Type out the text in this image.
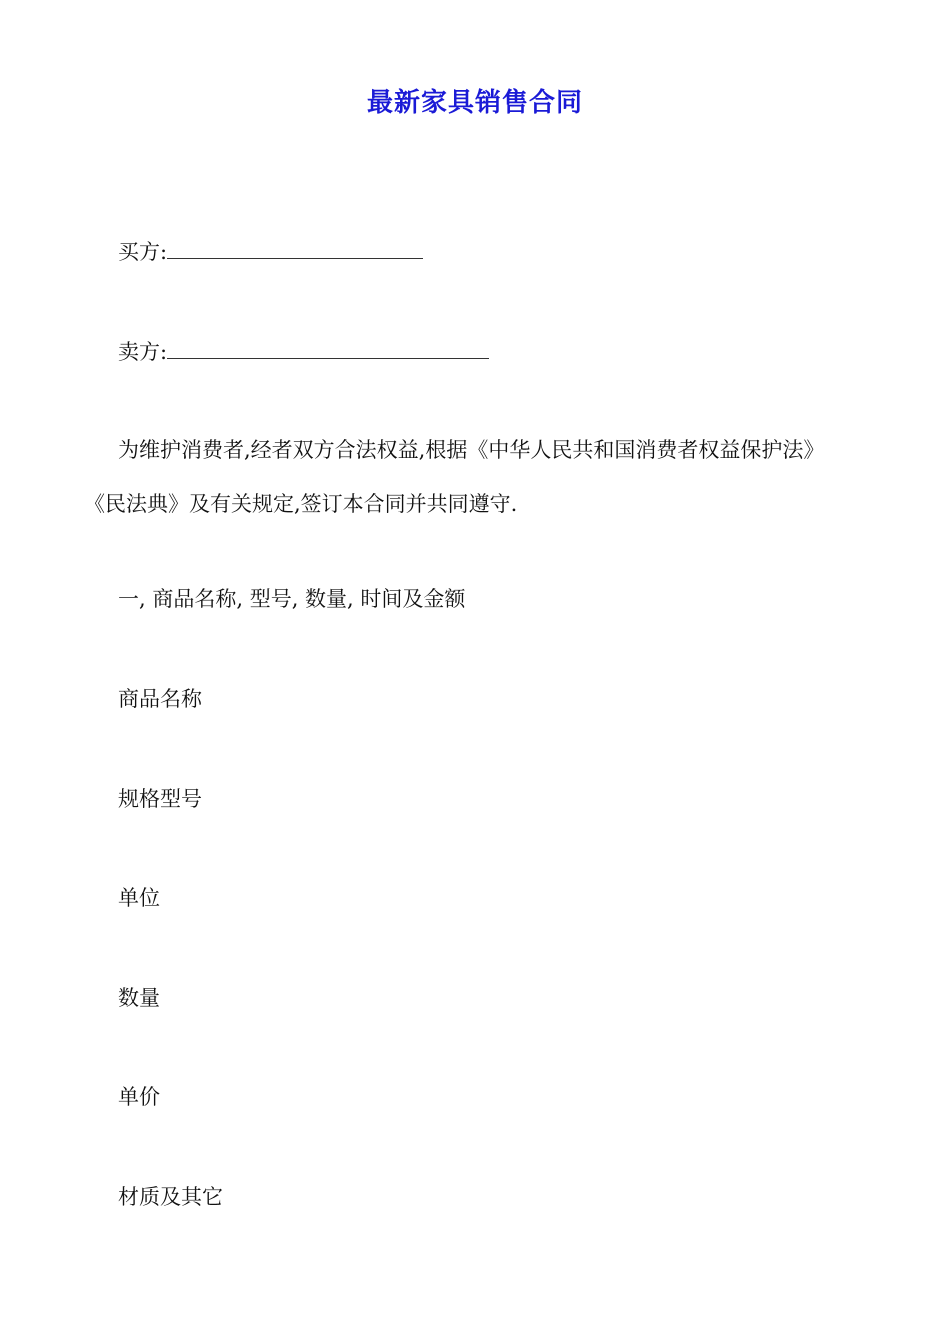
最新家具销售合同
买方:
卖方:
为维护消费者,经者双方合法权益,根据《中华人民共和国消费者权益保护法》
《民法典》及有关规定,签订本合同并共同遵守.
一, 商品名称, 型号, 数量, 时间及金额
商品名称
规格型号
单位
数量
单价
材质及其它
